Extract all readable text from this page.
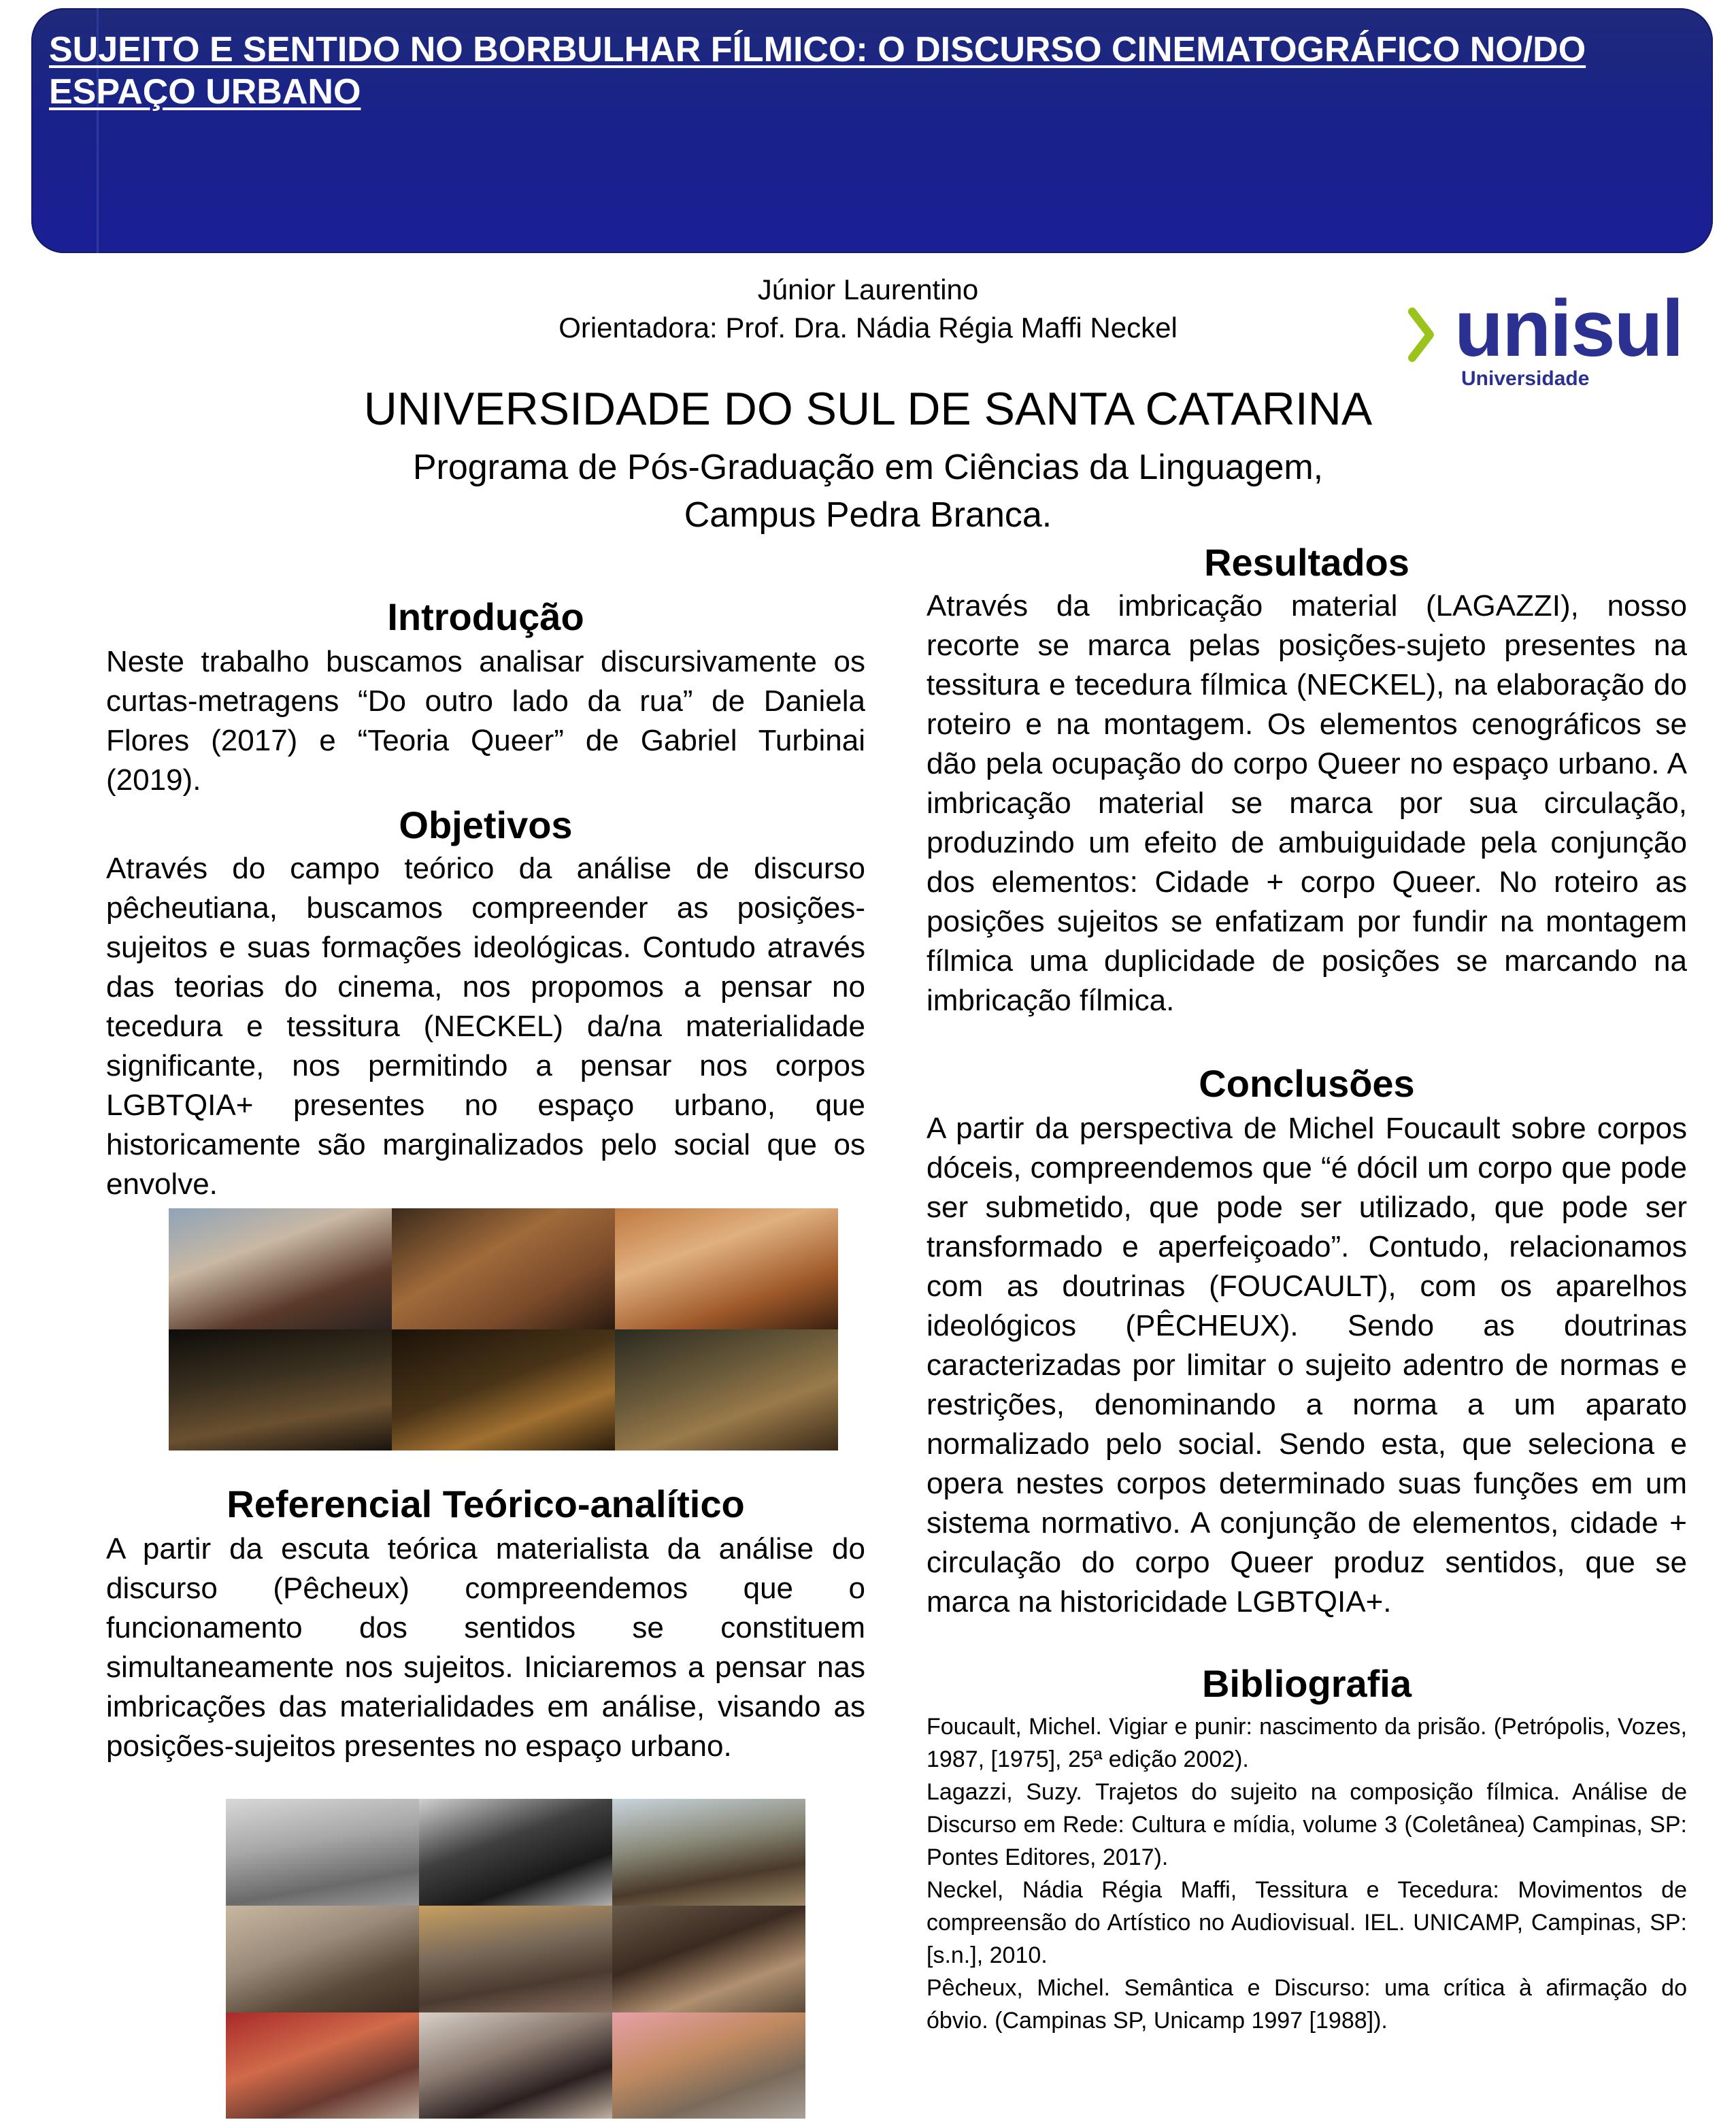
SUJEITO E SENTIDO NO BORBULHAR FÍLMICO: O DISCURSO CINEMATOGRÁFICO NO/DO ESPAÇO URBANO
Júnior Laurentino
Orientadora: Prof. Dra. Nádia Régia Maffi Neckel
UNIVERSIDADE DO SUL DE SANTA CATARINA
Programa de Pós-Graduação em Ciências da Linguagem,
Campus Pedra Branca.
unisul
Universidade
Introdução
Neste trabalho buscamos analisar discursivamente os curtas-metragens “Do outro lado da rua” de Daniela Flores (2017) e “Teoria Queer” de Gabriel Turbinai (2019).
Objetivos
Através do campo teórico da análise de discurso pêcheutiana, buscamos compreender as posições-sujeitos e suas formações ideológicas. Contudo através das teorias do cinema, nos propomos a pensar no tecedura e tessitura (NECKEL) da/na materialidade significante, nos permitindo a pensar nos corpos LGBTQIA+ presentes no espaço urbano, que historicamente são marginalizados pelo social que os envolve.
Referencial Teórico-analítico
A partir da escuta teórica materialista da análise do discurso (Pêcheux) compreendemos que o funcionamento dos sentidos se constituem simultaneamente nos sujeitos. Iniciaremos a pensar nas imbricações das materialidades em análise, visando as posições-sujeitos presentes no espaço urbano.
Resultados
Através da imbricação material (LAGAZZI), nosso recorte se marca pelas posições-sujeto presentes na tessitura e tecedura fílmica (NECKEL), na elaboração do roteiro e na montagem. Os elementos cenográficos se dão pela ocupação do corpo Queer no espaço urbano. A imbricação material se marca por sua circulação, produzindo um efeito de ambuiguidade pela conjunção dos elementos: Cidade + corpo Queer. No roteiro as posições sujeitos se enfatizam por fundir na montagem fílmica uma duplicidade de posições se marcando na imbricação fílmica.
Conclusões
A partir da perspectiva de Michel Foucault sobre corpos dóceis, compreendemos que “é dócil um corpo que pode ser submetido, que pode ser utilizado, que pode ser transformado e aperfeiçoado”. Contudo, relacionamos com as doutrinas (FOUCAULT), com os aparelhos ideológicos (PÊCHEUX). Sendo as doutrinas caracterizadas por limitar o sujeito adentro de normas e restrições, denominando a norma a um aparato normalizado pelo social. Sendo esta, que seleciona e opera nestes corpos determinado suas funções em um sistema normativo. A conjunção de elementos, cidade + circulação do corpo Queer produz sentidos, que se marca na historicidade LGBTQIA+.
Bibliografia
Foucault, Michel. Vigiar e punir: nascimento da prisão. (Petrópolis, Vozes, 1987, [1975], 25ª edição 2002).
Lagazzi, Suzy. Trajetos do sujeito na composição fílmica. Análise de Discurso em Rede: Cultura e mídia, volume 3 (Coletânea) Campinas, SP: Pontes Editores, 2017).
Neckel, Nádia Régia Maffi, Tessitura e Tecedura: Movimentos de compreensão do Artístico no Audiovisual. IEL. UNICAMP, Campinas, SP: [s.n.], 2010.
Pêcheux, Michel. Semântica e Discurso: uma crítica à afirmação do óbvio. (Campinas SP, Unicamp 1997 [1988]).
